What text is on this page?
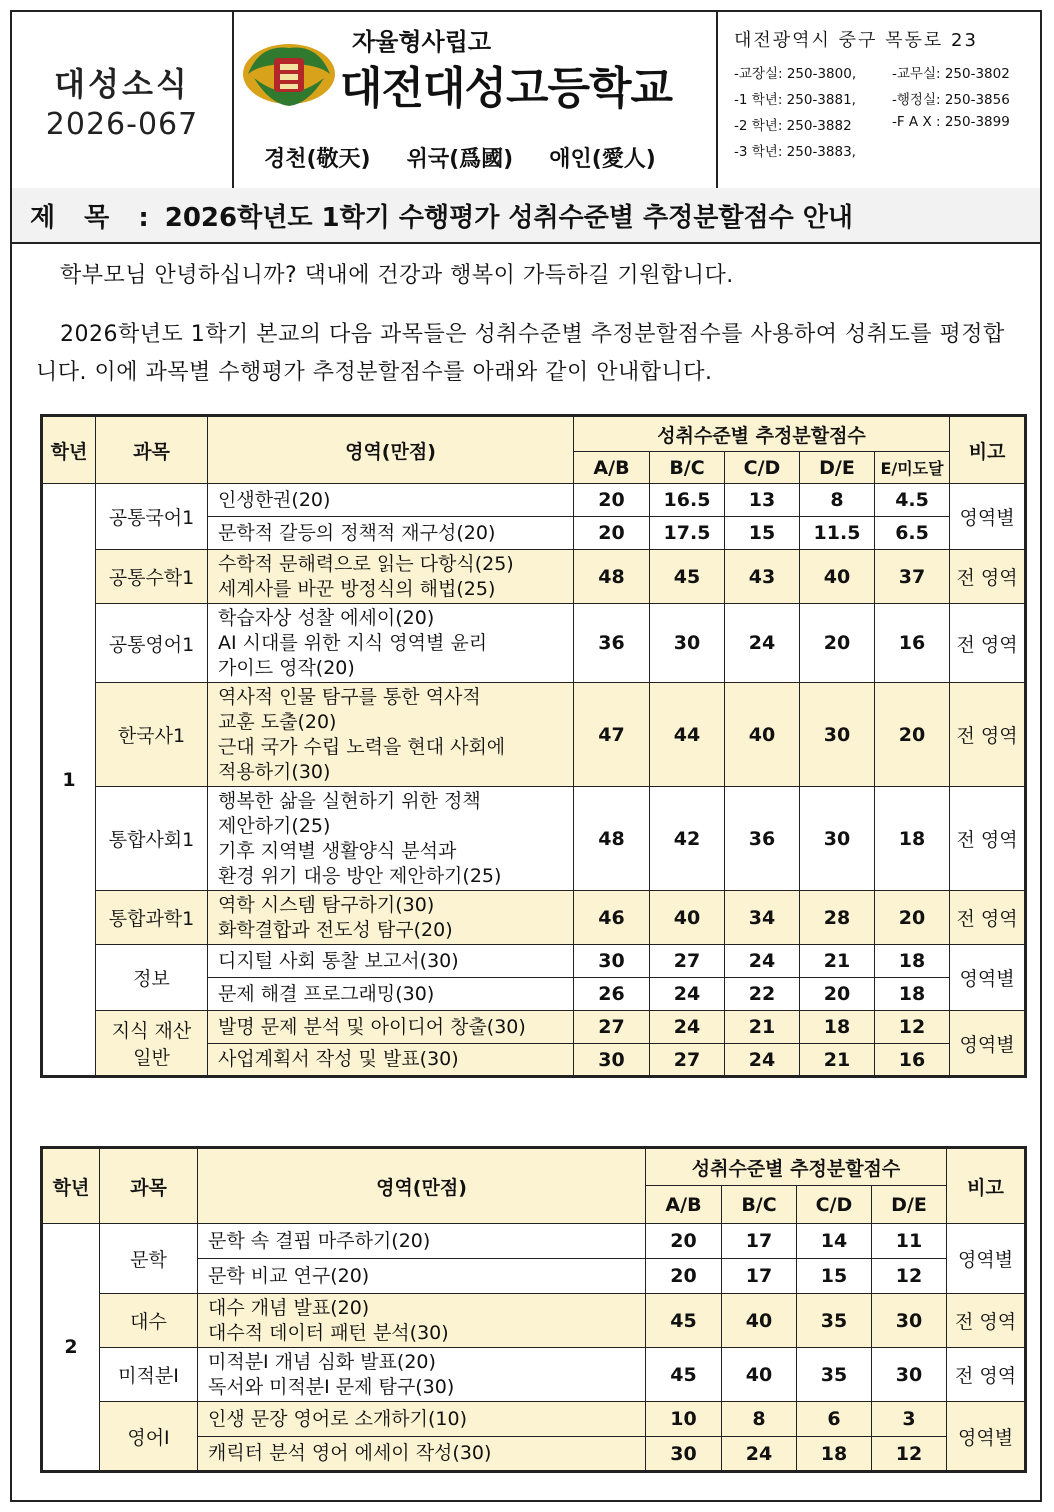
대성소식
2026-067
자율형사립고
대전대성고등학교
경천(敬天) 위국(爲國) 애인(愛人)
대전광역시 중구 목동로 23
-교장실: 250-3800,	-교무실: 250-3802
-1 학년: 250-3881,	-행정실: 250-3856
-2 학년: 250-3882	-F A X : 250-3899
-3 학년: 250-3883,
제 목 : 2026학년도 1학기 수행평가 성취수준별 추정분할점수 안내
학부모님 안녕하십니까? 댁내에 건강과 행복이 가득하길 기원합니다.
2026학년도 1학기 본교의 다음 과목들은 성취수준별 추정분할점수를 사용하여 성취도를 평정합니다. 이에 과목별 수행평가 추정분할점수를 아래와 같이 안내합니다.
학년	과목	영역(만점)	성취수준별 추정분할점수					비고
			A/B	B/C	C/D	D/E	E/미도달	
1	공통국어1	인생한권(20)	20	16.5	13	8	4.5	영역별

		문학적 갈등의 정책적 재구성(20)	20	17.5	15	11.5	6.5	
	공통수학1	수학적 문해력으로 읽는 다항식(25)
세계사를 바꾼 방정식의 해법(25)	48	45	43	40	37	전 영역
	공통영어1	학습자상 성찰 에세이(20)
AI 시대를 위한 지식 영역별 윤리
가이드 영작(20)	36	30	24	20	16	전 영역
	한국사1	역사적 인물 탐구를 통한 역사적
교훈 도출(20)
근대 국가 수립 노력을 현대 사회에
적용하기(30)	47	44	40	30	20	전 영역
	통합사회1	행복한 삶을 실현하기 위한 정책
제안하기(25)
기후 지역별 생활양식 분석과
환경 위기 대응 방안 제안하기(25)	48	42	36	30	18	전 영역
	통합과학1	역학 시스템 탐구하기(30)
화학결합과 전도성 탐구(20)	46	40	34	28	20	전 영역
	정보	디지털 사회 통찰 보고서(30)	30	27	24	21	18	영역별

		문제 해결 프로그래밍(30)	26	24	22	20	18	
	지식 재산 일반	발명 문제 분석 및 아이디어 창출(30)	27	24	21	18	12	영역별

		사업계획서 작성 및 발표(30)	30	27	24	21	16	
학년	과목	영역(만점)	성취수준별 추정분할점수				비고
			A/B	B/C	C/D	D/E	
2	문학	문학 속 결핍 마주하기(20)	20	17	14	11	영역별

		문학 비교 연구(20)	20	17	15	12	
	대수	대수 개념 발표(20)
대수적 데이터 패턴 분석(30)	45	40	35	30	전 영역
	미적분Ⅰ	미적분Ⅰ 개념 심화 발표(20)
독서와 미적분Ⅰ 문제 탐구(30)	45	40	35	30	전 영역
	영어Ⅰ	인생 문장 영어로 소개하기(10)	10	8	6	3	영역별

		캐릭터 분석 영어 에세이 작성(30)	30	24	18	12	
